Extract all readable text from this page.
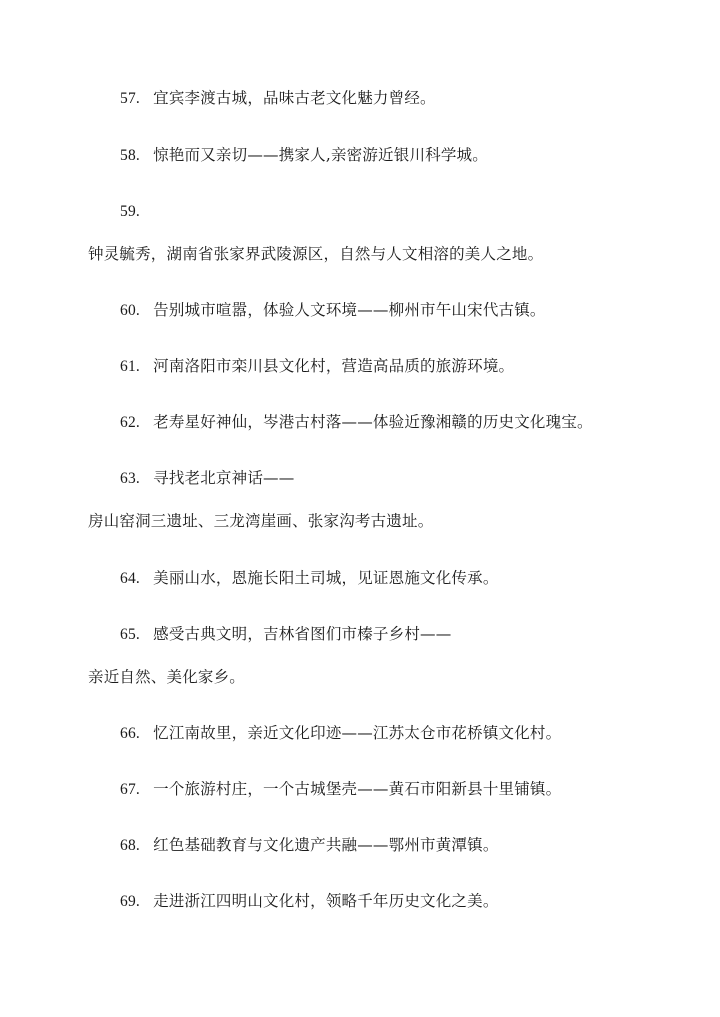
57. 宜宾李渡古城，品味古老文化魅力曾经。
58. 惊艳而又亲切——携家人,亲密游近银川科学城。
59.
钟灵毓秀，湖南省张家界武陵源区，自然与人文相溶的美人之地。
60. 告别城市喧嚣，体验人文环境——柳州市午山宋代古镇。
61. 河南洛阳市栾川县文化村，营造高品质的旅游环境。
62. 老寿星好神仙，岑港古村落——体验近豫湘赣的历史文化瑰宝。
63. 寻找老北京神话——
房山窑洞三遗址、三龙湾崖画、张家沟考古遗址。
64. 美丽山水，恩施长阳土司城，见证恩施文化传承。
65. 感受古典文明，吉林省图们市榛子乡村——
亲近自然、美化家乡。
66. 忆江南故里，亲近文化印迹——江苏太仓市花桥镇文化村。
67. 一个旅游村庄，一个古城堡壳——黄石市阳新县十里铺镇。
68. 红色基础教育与文化遗产共融——鄂州市黄潭镇。
69. 走进浙江四明山文化村，领略千年历史文化之美。
